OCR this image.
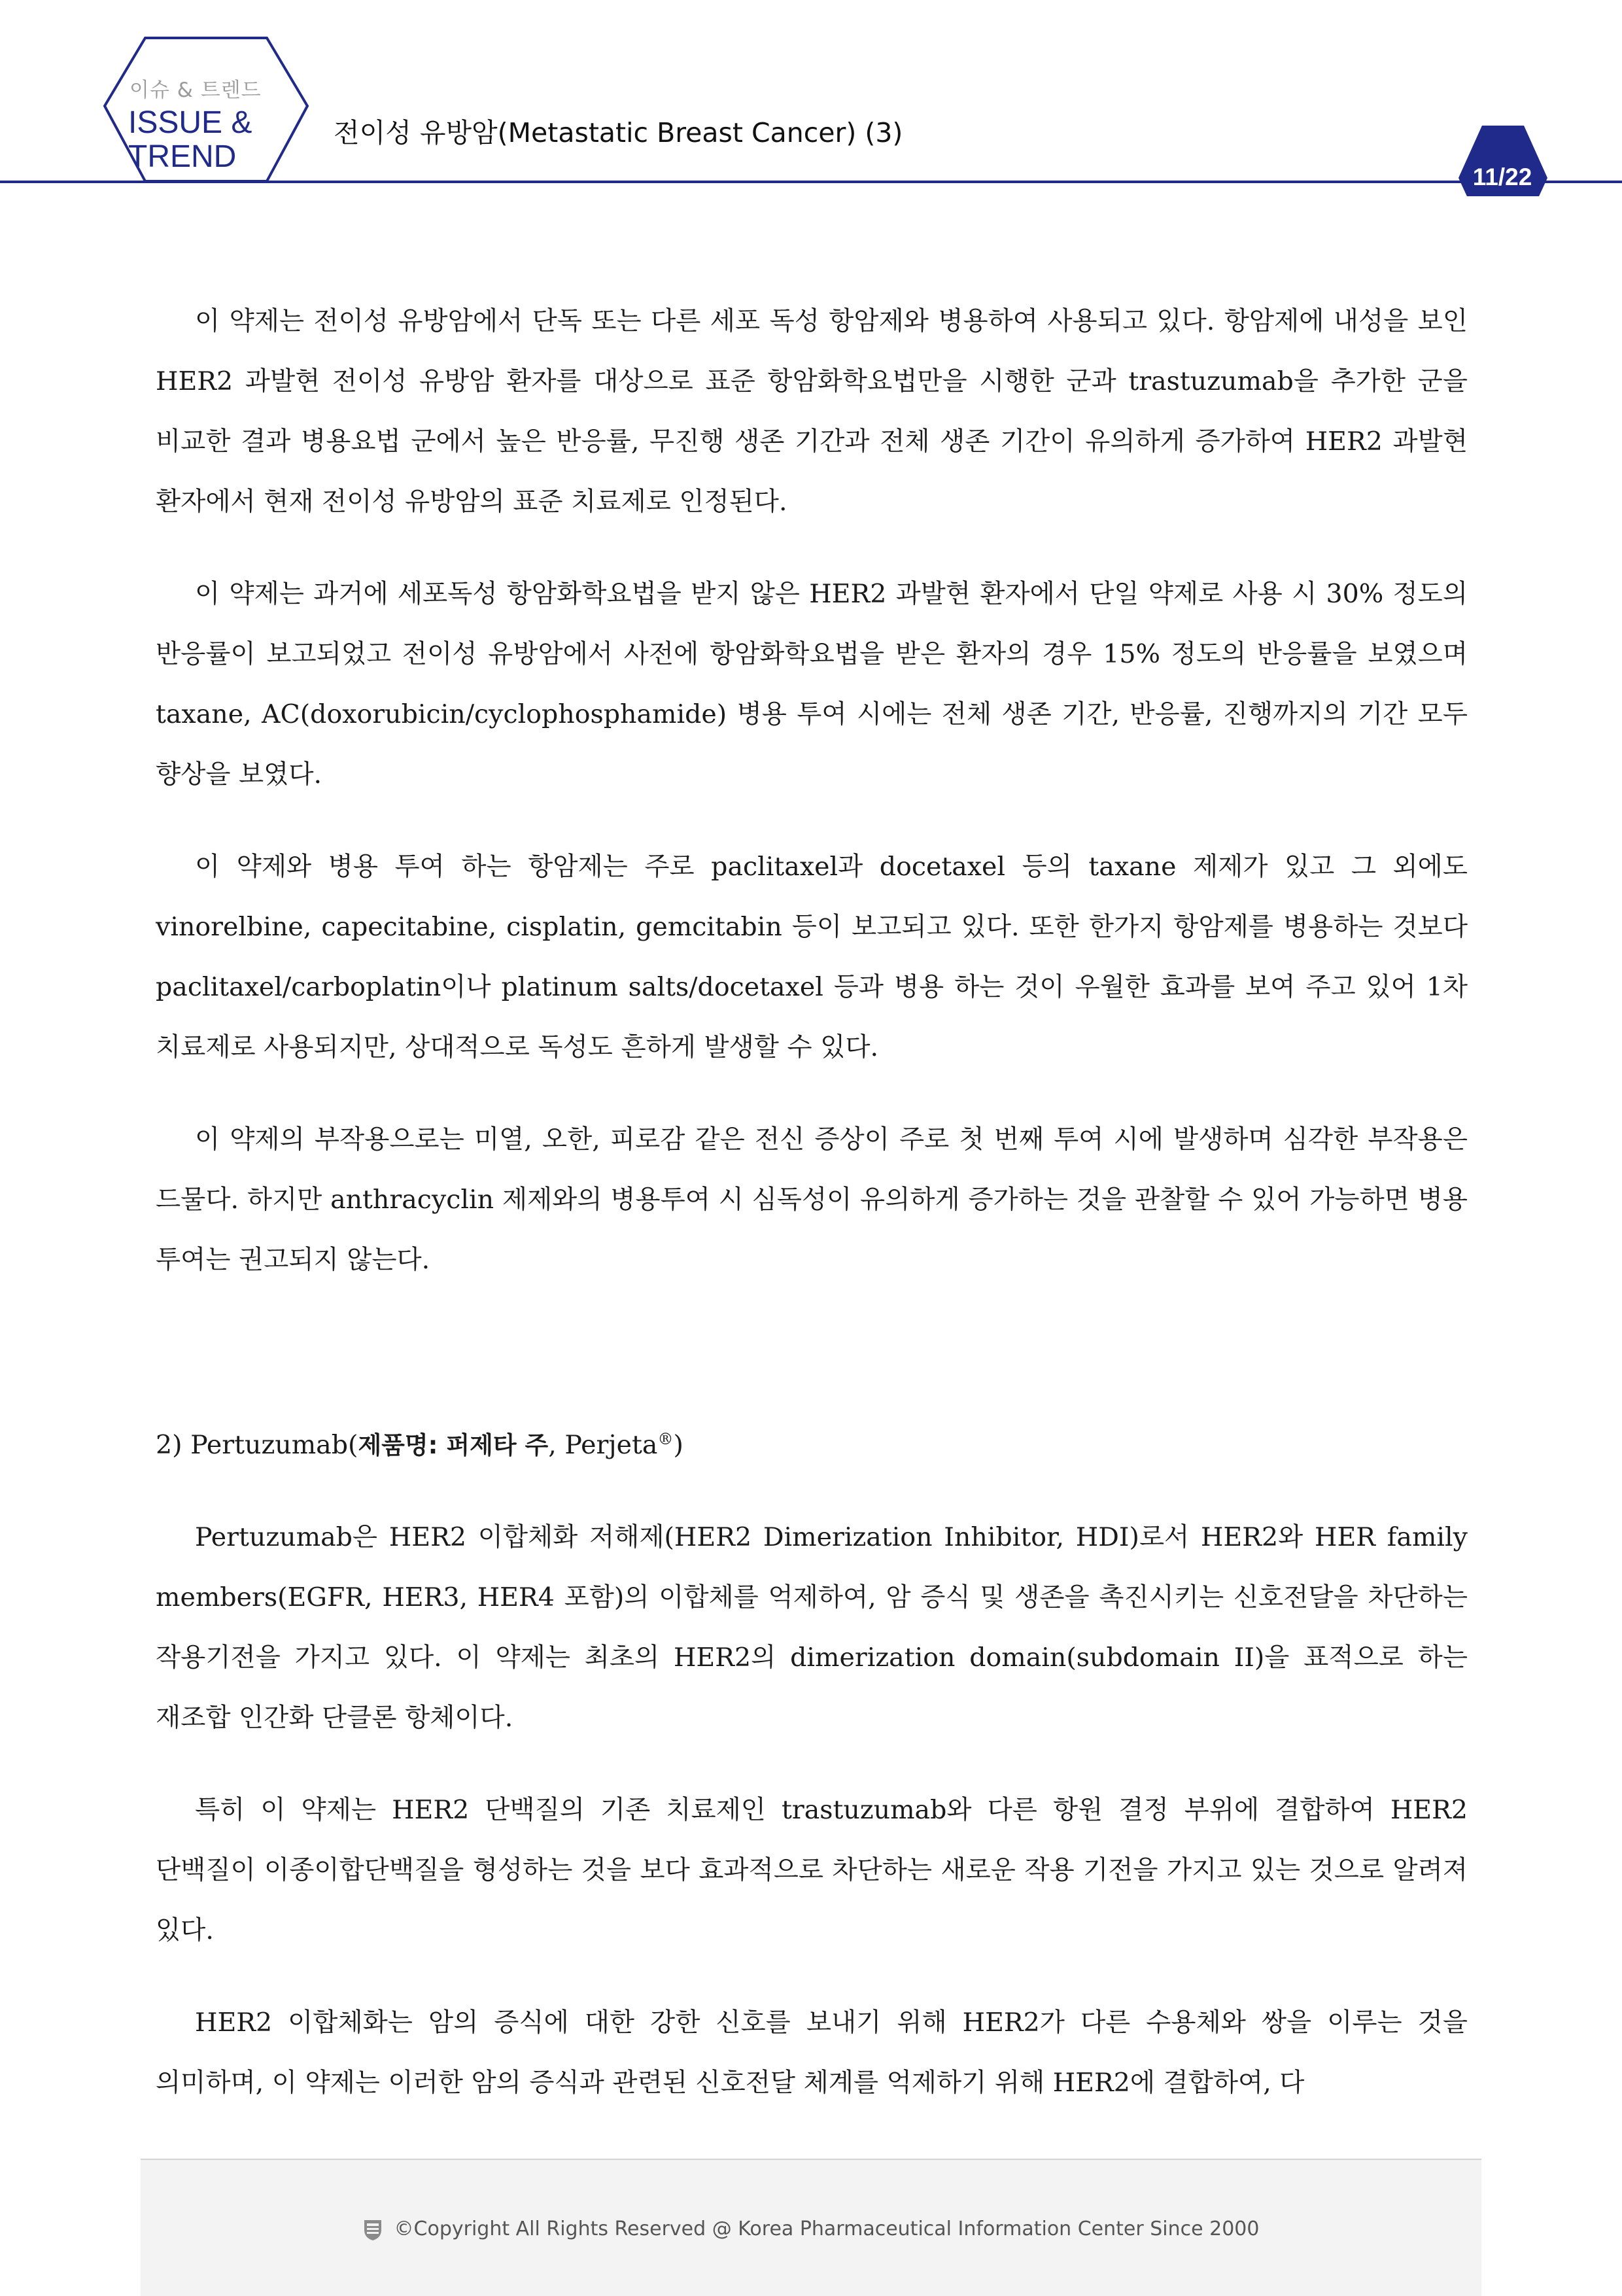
이슈 & 트렌드
ISSUE &
TREND
전이성 유방암(Metastatic Breast Cancer) (3)
11/22

이 약제는 전이성 유방암에서 단독 또는 다른 세포 독성 항암제와 병용하여 사용되고 있다. 항암제에 내성을 보인 HER2 과발현 전이성 유방암 환자를 대상으로 표준 항암화학요법만을 시행한 군과 trastuzumab을 추가한 군을 비교한 결과 병용요법 군에서 높은 반응률, 무진행 생존 기간과 전체 생존 기간이 유의하게 증가하여 HER2 과발현 환자에서 현재 전이성 유방암의 표준 치료제로 인정된다.

이 약제는 과거에 세포독성 항암화학요법을 받지 않은 HER2 과발현 환자에서 단일 약제로 사용 시 30% 정도의 반응률이 보고되었고 전이성 유방암에서 사전에 항암화학요법을 받은 환자의 경우 15% 정도의 반응률을 보였으며 taxane, AC(doxorubicin/cyclophosphamide) 병용 투여 시에는 전체 생존 기간, 반응률, 진행까지의 기간 모두 향상을 보였다.

이 약제와 병용 투여 하는 항암제는 주로 paclitaxel과 docetaxel 등의 taxane 제제가 있고 그 외에도 vinorelbine, capecitabine, cisplatin, gemcitabin 등이 보고되고 있다. 또한 한가지 항암제를 병용하는 것보다 paclitaxel/carboplatin이나 platinum salts/docetaxel 등과 병용 하는 것이 우월한 효과를 보여 주고 있어 1차 치료제로 사용되지만, 상대적으로 독성도 흔하게 발생할 수 있다.

이 약제의 부작용으로는 미열, 오한, 피로감 같은 전신 증상이 주로 첫 번째 투여 시에 발생하며 심각한 부작용은 드물다. 하지만 anthracyclin 제제와의 병용투여 시 심독성이 유의하게 증가하는 것을 관찰할 수 있어 가능하면 병용 투여는 권고되지 않는다.

2) Pertuzumab(제품명: 퍼제타 주, Perjeta®)

Pertuzumab은 HER2 이합체화 저해제(HER2 Dimerization Inhibitor, HDI)로서 HER2와 HER family members(EGFR, HER3, HER4 포함)의 이합체를 억제하여, 암 증식 및 생존을 촉진시키는 신호전달을 차단하는 작용기전을 가지고 있다. 이 약제는 최초의 HER2의 dimerization domain(subdomain II)을 표적으로 하는 재조합 인간화 단클론 항체이다.

특히 이 약제는 HER2 단백질의 기존 치료제인 trastuzumab와 다른 항원 결정 부위에 결합하여 HER2 단백질이 이종이합단백질을 형성하는 것을 보다 효과적으로 차단하는 새로운 작용 기전을 가지고 있는 것으로 알려져 있다.

HER2 이합체화는 암의 증식에 대한 강한 신호를 보내기 위해 HER2가 다른 수용체와 쌍을 이루는 것을 의미하며, 이 약제는 이러한 암의 증식과 관련된 신호전달 체계를 억제하기 위해 HER2에 결합하여, 다

©Copyright All Rights Reserved @ Korea Pharmaceutical Information Center Since 2000
